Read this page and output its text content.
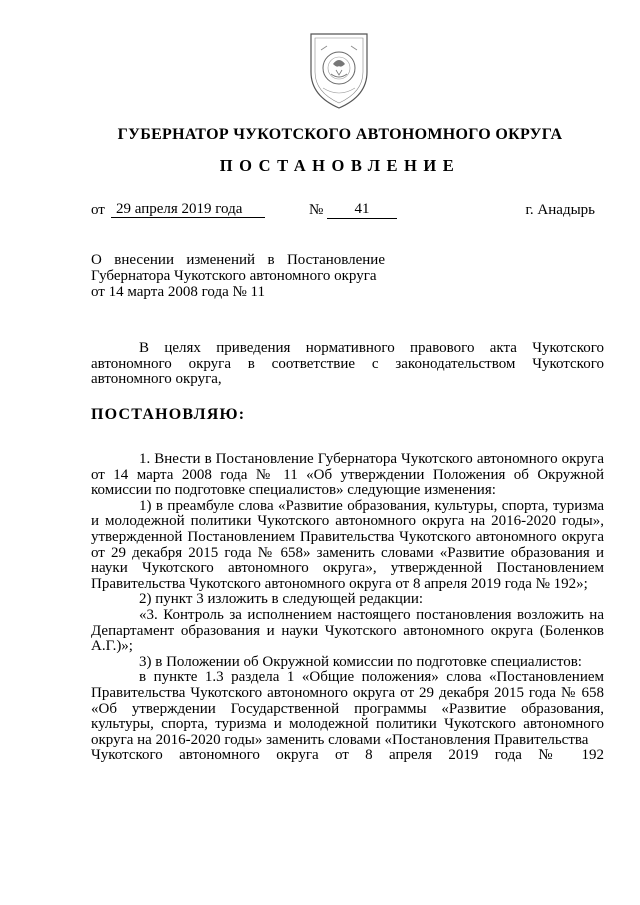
ГУБЕРНАТОР ЧУКОТСКОГО АВТОНОМНОГО ОКРУГА
ПОСТАНОВЛЕНИЕ
от 29 апреля 2019 года	№	41	г. Анадырь
О внесении изменений в Постановление
Губернатора Чукотского автономного округа
от 14 марта 2008 года № 11

В целях приведения нормативного правового акта Чукотского автономного округа в соответствие с законодательством Чукотского автономного округа,

ПОСТАНОВЛЯЮ:

1. Внести в Постановление Губернатора Чукотского автономного округа от 14 марта 2008 года № 11 «Об утверждении Положения об Окружной комиссии по подготовке специалистов» следующие изменения:

1) в преамбуле слова «Развитие образования, культуры, спорта, туризма и молодежной политики Чукотского автономного округа на 2016-2020 годы», утвержденной Постановлением Правительства Чукотского автономного округа от 29 декабря 2015 года № 658» заменить словами «Развитие образования и науки Чукотского автономного округа», утвержденной Постановлением Правительства Чукотского автономного округа от 8 апреля 2019 года № 192»;

2) пункт 3 изложить в следующей редакции:

«3. Контроль за исполнением настоящего постановления возложить на Департамент образования и науки Чукотского автономного округа (Боленков А.Г.)»;

3) в Положении об Окружной комиссии по подготовке специалистов:

в пункте 1.3 раздела 1 «Общие положения» слова «Постановлением Правительства Чукотского автономного округа от 29 декабря 2015 года № 658 «Об утверждении Государственной программы «Развитие образования, культуры, спорта, туризма и молодежной политики Чукотского автономного округа на 2016-2020 годы» заменить словами «Постановления Правительства

Чукотского автономного округа от 8 апреля 2019 года № 192
